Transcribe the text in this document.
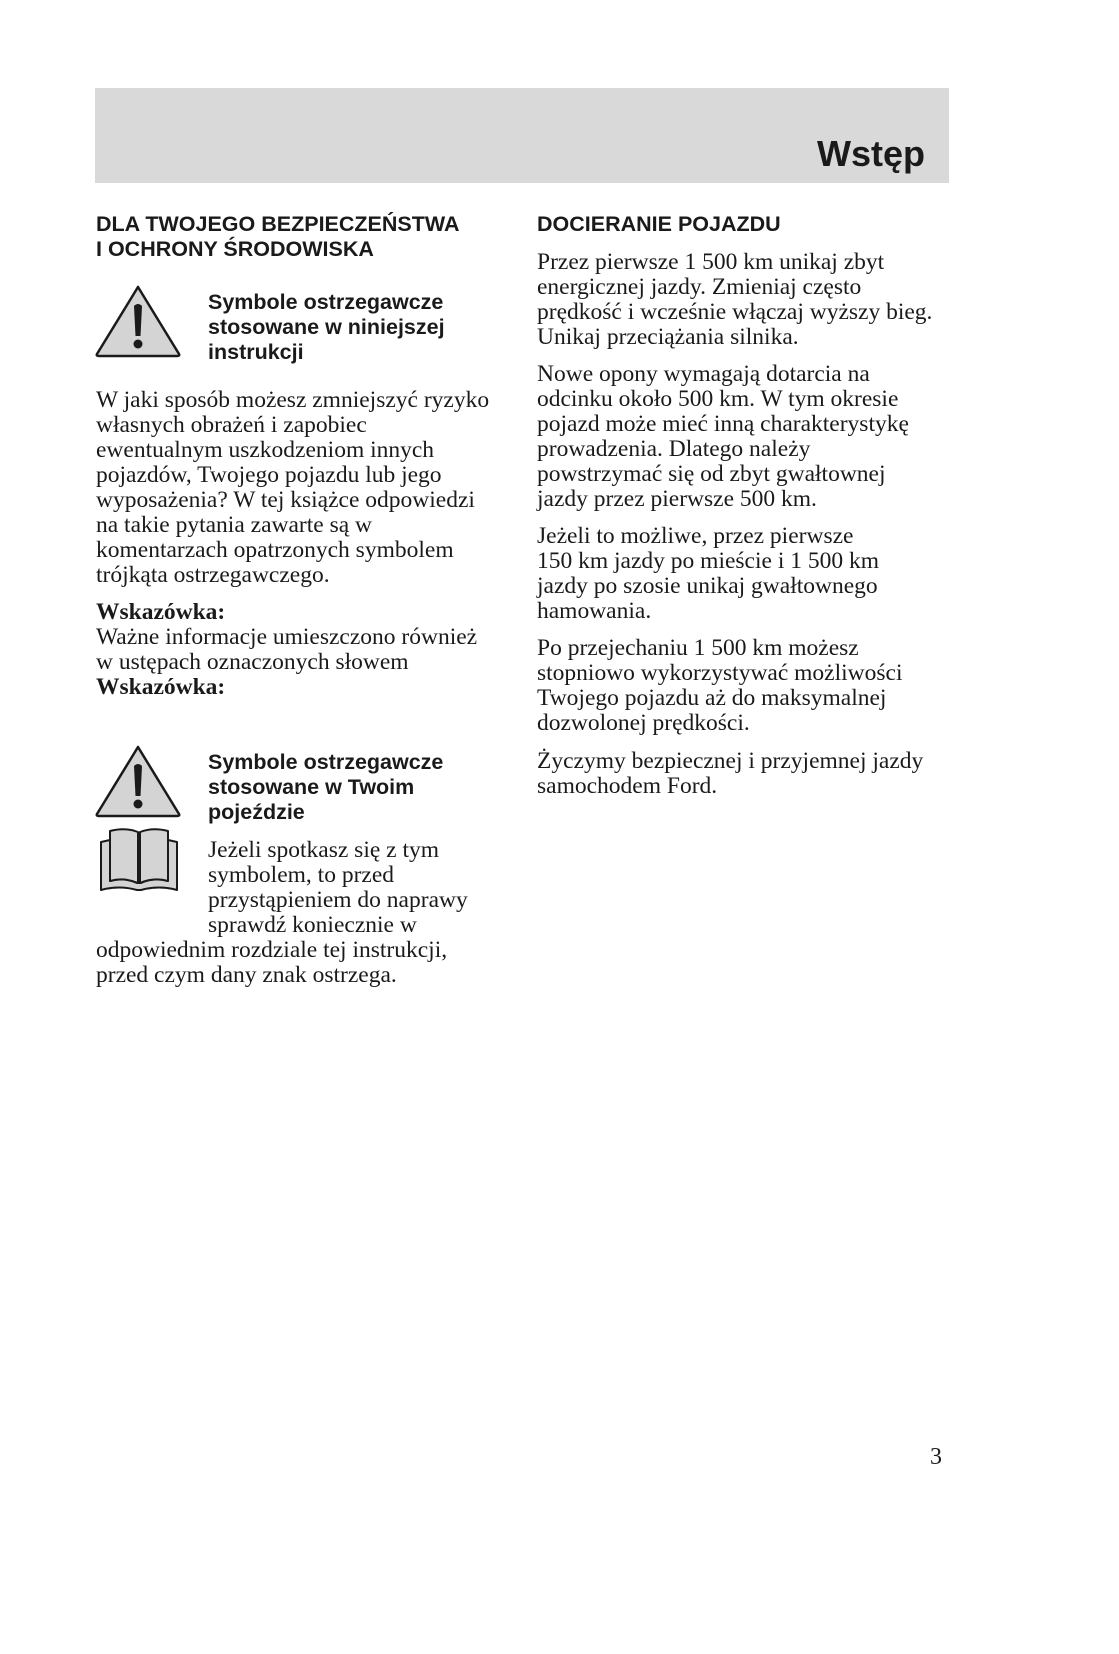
Wstęp

DLA TWOJEGO BEZPIECZEŃSTWA
I OCHRONY ŚRODOWISKA

Symbole ostrzegawcze
stosowane w niniejszej
instrukcji

W jaki sposób możesz zmniejszyć ryzyko
własnych obrażeń i zapobiec
ewentualnym uszkodzeniom innych
pojazdów, Twojego pojazdu lub jego
wyposażenia? W tej książce odpowiedzi
na takie pytania zawarte są w
komentarzach opatrzonych symbolem
trójkąta ostrzegawczego.

Wskazówka:

Ważne informacje umieszczono również
w ustępach oznaczonych słowem

Wskazówka:

Symbole ostrzegawcze
stosowane w Twoim
pojeździe

Jeżeli spotkasz się z tym
symbolem, to przed
przystąpieniem do naprawy
sprawdź koniecznie w

odpowiednim rozdziale tej instrukcji,
przed czym dany znak ostrzega.

DOCIERANIE POJAZDU

Przez pierwsze 1 500 km unikaj zbyt
energicznej jazdy. Zmieniaj często
prędkość i wcześnie włączaj wyższy bieg.
Unikaj przeciążania silnika.

Nowe opony wymagają dotarcia na
odcinku około 500 km. W tym okresie
pojazd może mieć inną charakterystykę
prowadzenia. Dlatego należy
powstrzymać się od zbyt gwałtownej
jazdy przez pierwsze 500 km.

Jeżeli to możliwe, przez pierwsze
150 km jazdy po mieście i 1 500 km
jazdy po szosie unikaj gwałtownego
hamowania.

Po przejechaniu 1 500 km możesz
stopniowo wykorzystywać możliwości
Twojego pojazdu aż do maksymalnej
dozwolonej prędkości.

Życzymy bezpiecznej i przyjemnej jazdy
samochodem Ford.

3
